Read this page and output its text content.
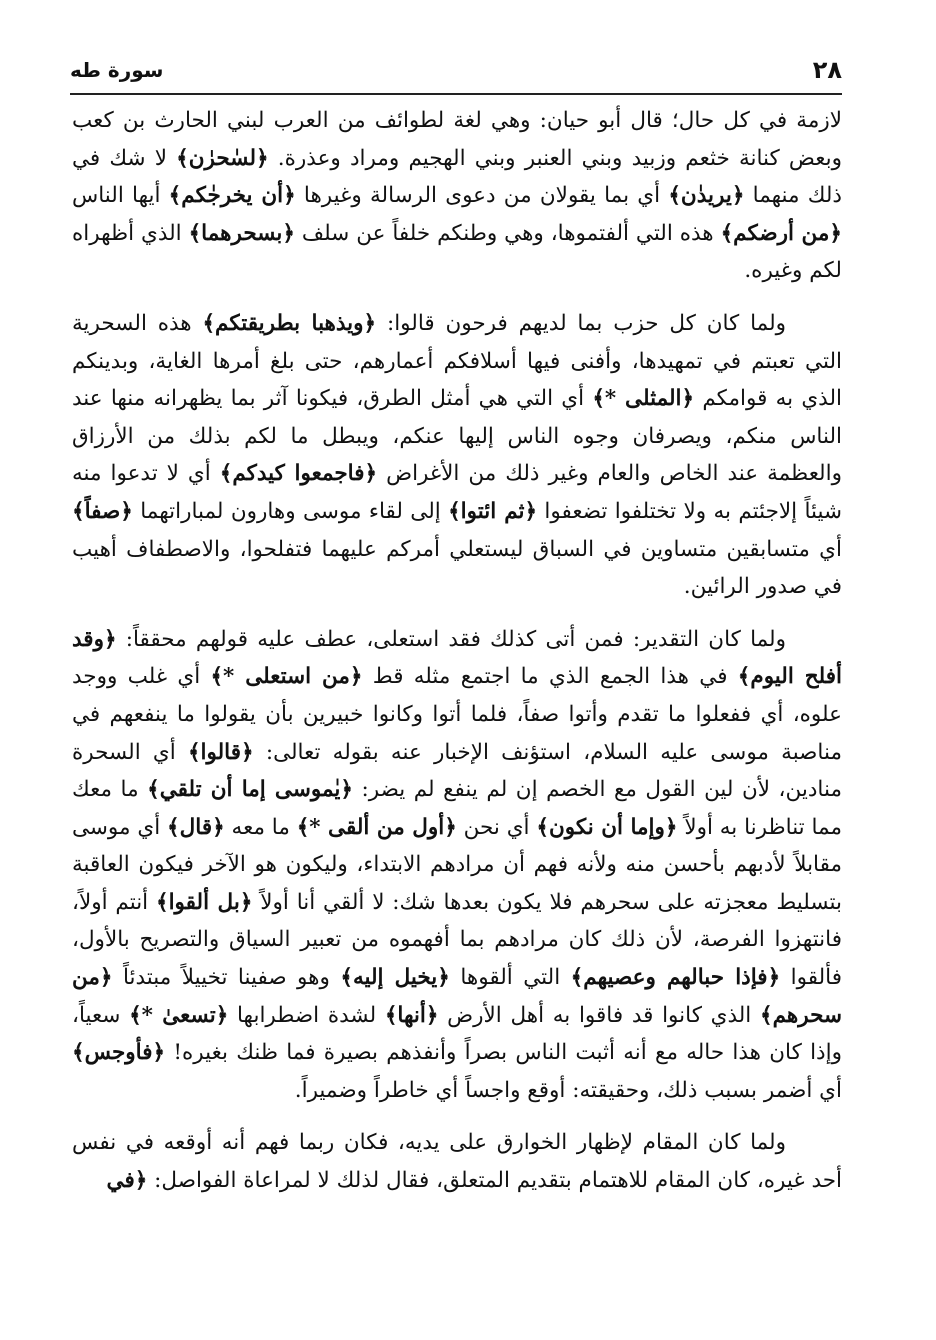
٢٨
سورة طه

لازمة في كل حال؛ قال أبو حيان: وهي لغة لطوائف من العرب لبني الحارث بن كعب وبعض كنانة خثعم وزبيد وبني العنبر وبني الهجيم ومراد وعذرة. ﴿لسٰحرٰن﴾ لا شك في ذلك منهما ﴿يريدٰن﴾ أي بما يقولان من دعوى الرسالة وغيرها ﴿أن يخرجٰكم﴾ أيها الناس ﴿من أرضكم﴾ هذه التي ألفتموها، وهي وطنكم خلفاً عن سلف ﴿بسحرهما﴾ الذي أظهراه لكم وغيره.

ولما كان كل حزب بما لديهم فرحون قالوا: ﴿ويذهبا بطريقتكم﴾ هذه السحرية التي تعبتم في تمهيدها، وأفنى فيها أسلافكم أعمارهم، حتى بلغ أمرها الغاية، وبدينكم الذي به قوامكم ﴿المثلى *﴾ أي التي هي أمثل الطرق، فيكونا آثر بما يظهرانه منها عند الناس منكم، ويصرفان وجوه الناس إليها عنكم، ويبطل ما لكم بذلك من الأرزاق والعظمة عند الخاص والعام وغير ذلك من الأغراض ﴿فاجمعوا كيدكم﴾ أي لا تدعوا منه شيئاً إلاجئتم به ولا تختلفوا تضعفوا ﴿ثم ائتوا﴾ إلى لقاء موسى وهارون لمباراتهما ﴿صفاً﴾ أي متسابقين متساوين في السباق ليستعلي أمركم عليهما فتفلحوا، والاصطفاف أهيب في صدور الرائين.

ولما كان التقدير: فمن أتى كذلك فقد استعلى، عطف عليه قولهم محققاً: ﴿وقد أفلح اليوم﴾ في هذا الجمع الذي ما اجتمع مثله قط ﴿من استعلى *﴾ أي غلب ووجد علوه، أي ففعلوا ما تقدم وأتوا صفاً، فلما أتوا وكانوا خبيرين بأن يقولوا ما ينفعهم في مناصبة موسى عليه السلام، استؤنف الإخبار عنه بقوله تعالى: ﴿قالوا﴾ أي السحرة منادين، لأن لين القول مع الخصم إن لم ينفع لم يضر: ﴿يٰموسى إما أن تلقي﴾ ما معك مما تناظرنا به أولاً ﴿وإما أن نكون﴾ أي نحن ﴿أول من ألقى *﴾ ما معه ﴿قال﴾ أي موسى مقابلاً لأدبهم بأحسن منه ولأنه فهم أن مرادهم الابتداء، وليكون هو الآخر فيكون العاقبة بتسليط معجزته على سحرهم فلا يكون بعدها شك: لا ألقي أنا أولاً ﴿بل ألقوا﴾ أنتم أولاً، فانتهزوا الفرصة، لأن ذلك كان مرادهم بما أفهموه من تعبير السياق والتصريح بالأول، فألقوا ﴿فإذا حبالهم وعصيهم﴾ التي ألقوها ﴿يخيل إليه﴾ وهو صفينا تخييلاً مبتدئاً ﴿من سحرهم﴾ الذي كانوا قد فاقوا به أهل الأرض ﴿أنها﴾ لشدة اضطرابها ﴿تسعىٰ *﴾ سعياً، وإذا كان هذا حاله مع أنه أثبت الناس بصراً وأنفذهم بصيرة فما ظنك بغيره! ﴿فأوجس﴾ أي أضمر بسبب ذلك، وحقيقته: أوقع واجساً أي خاطراً وضميراً.

ولما كان المقام لإظهار الخوارق على يديه، فكان ربما فهم أنه أوقعه في نفس أحد غيره، كان المقام للاهتمام بتقديم المتعلق، فقال لذلك لا لمراعاة الفواصل: ﴿في
